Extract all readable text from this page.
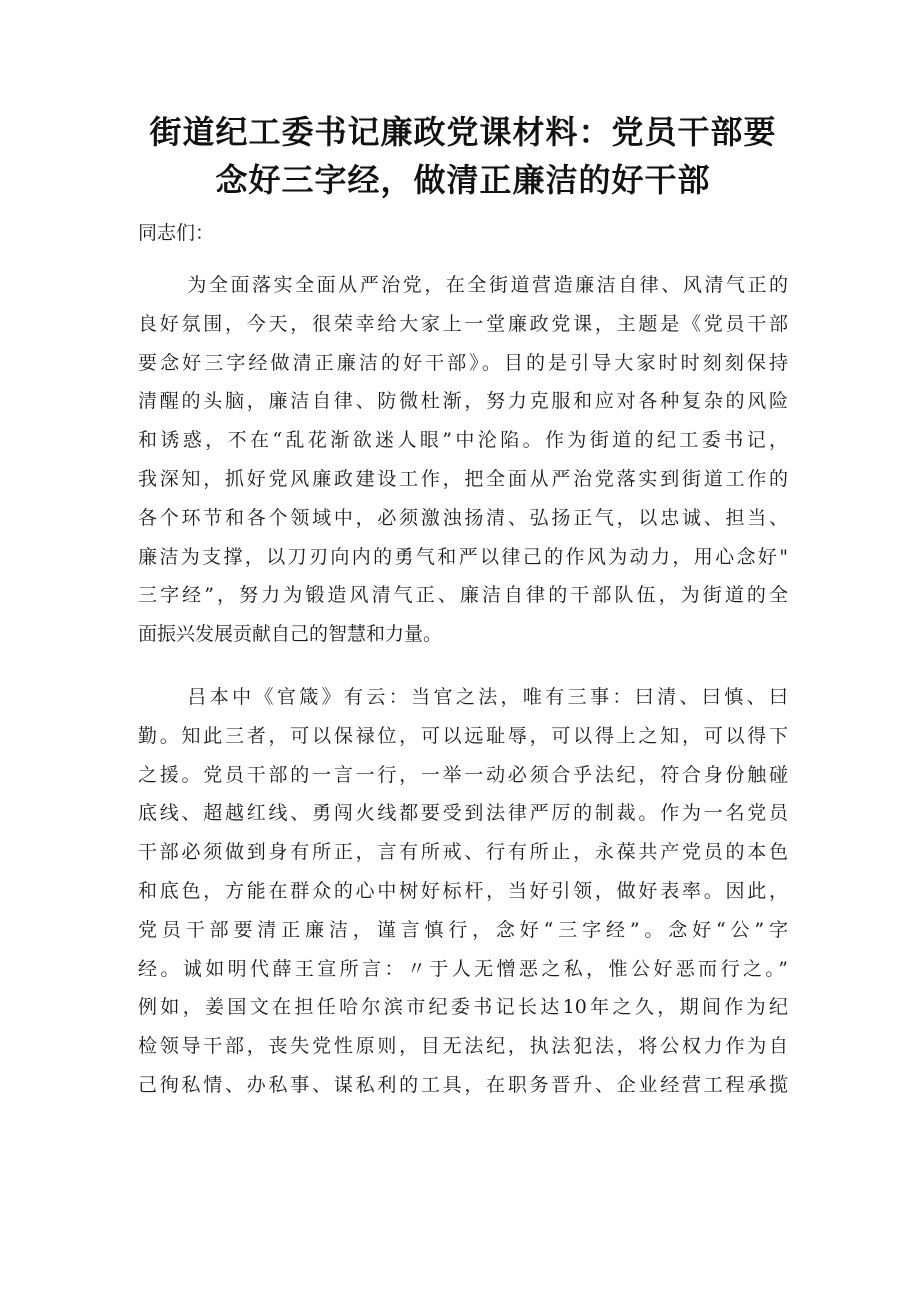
街道纪工委书记廉政党课材料：党员干部要
念好三字经，做清正廉洁的好干部

同志们：

为全面落实全面从严治党，在全街道营造廉洁自律、风清气正的
良好氛围，今天，很荣幸给大家上一堂廉政党课，主题是《党员干部
要念好三字经做清正廉洁的好干部》。目的是引导大家时时刻刻保持
清醒的头脑，廉洁自律、防微杜渐，努力克服和应对各种复杂的风险
和诱惑，不在“乱花渐欲迷人眼”中沦陷。作为街道的纪工委书记，
我深知，抓好党风廉政建设工作，把全面从严治党落实到街道工作的
各个环节和各个领域中，必须激浊扬清、弘扬正气，以忠诚、担当、
廉洁为支撑，以刀刃向内的勇气和严以律己的作风为动力，用心念好"
三字经”，努力为锻造风清气正、廉洁自律的干部队伍，为街道的全
面振兴发展贡献自己的智慧和力量。
吕本中《官箴》有云：当官之法，唯有三事：曰清、曰慎、曰
勤。知此三者，可以保禄位，可以远耻辱，可以得上之知，可以得下
之援。党员干部的一言一行，一举一动必须合乎法纪，符合身份触碰
底线、超越红线、勇闯火线都要受到法律严厉的制裁。作为一名党员
干部必须做到身有所正，言有所戒、行有所止，永葆共产党员的本色
和底色，方能在群众的心中树好标杆，当好引领，做好表率。因此，
党员干部要清正廉洁，谨言慎行，念好“三字经”。念好“公”字
经。诚如明代薛王宣所言：〃于人无憎恶之私，惟公好恶而行之。”
例如，姜国文在担任哈尔滨市纪委书记长达10年之久，期间作为纪
检领导干部，丧失党性原则，目无法纪，执法犯法，将公权力作为自
己徇私情、办私事、谋私利的工具，在职务晋升、企业经营工程承揽
